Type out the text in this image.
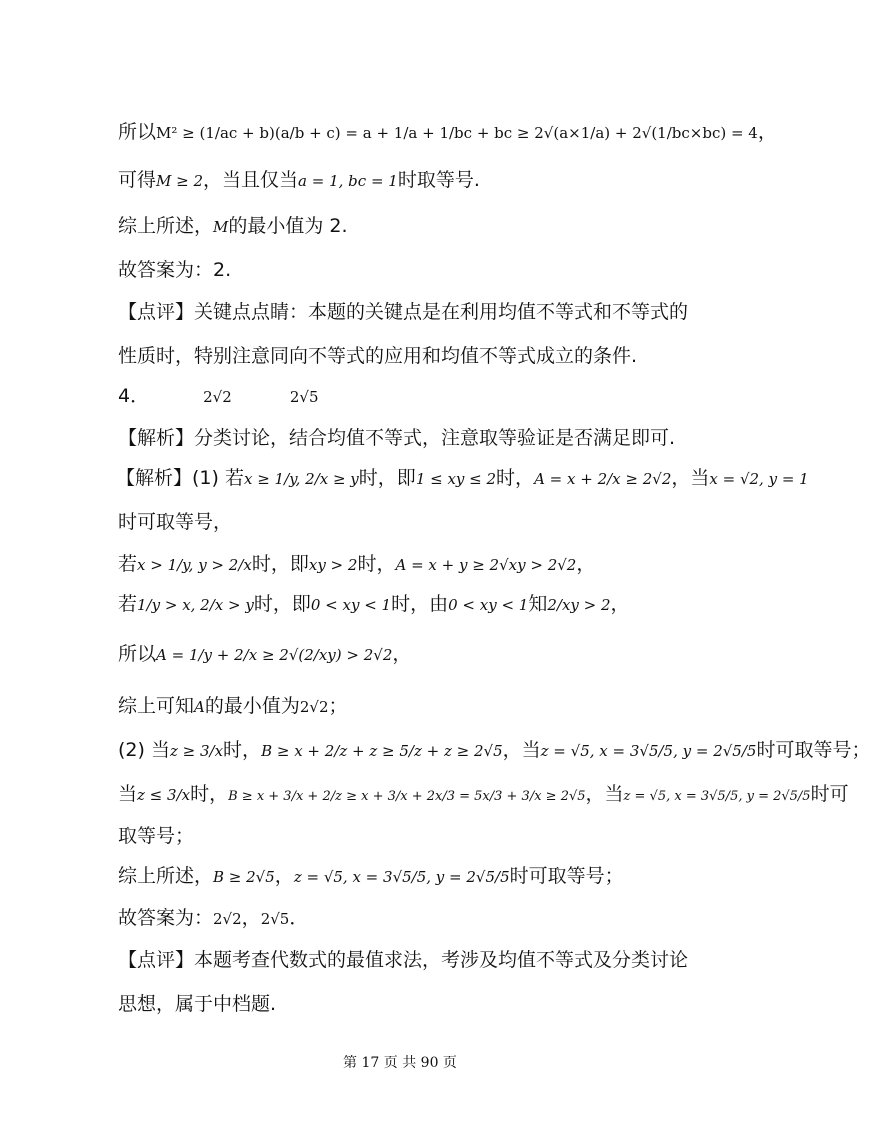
所以M² ≥ (1/ac + b)(a/b + c) = a + 1/a + 1/bc + bc ≥ 2√(a×1/a) + 2√(1/bc×bc) = 4，
可得M ≥ 2，当且仅当a = 1, bc = 1时取等号.
综上所述，M的最小值为 2.
故答案为：2.
【点评】关键点点睛：本题的关键点是在利用均值不等式和不等式的
性质时，特别注意同向不等式的应用和均值不等式成立的条件.
4．	2√2	2√5
【解析】分类讨论，结合均值不等式，注意取等验证是否满足即可.
【解析】(1) 若x ≥ 1/y, 2/x ≥ y时，即1 ≤ xy ≤ 2时，A = x + 2/x ≥ 2√2，当x = √2, y = 1
时可取等号，
若x > 1/y, y > 2/x时，即xy > 2时，A = x + y ≥ 2√xy > 2√2，
若1/y > x, 2/x > y时，即0 < xy < 1时，由0 < xy < 1知2/xy > 2，
所以A = 1/y + 2/x ≥ 2√(2/xy) > 2√2，
综上可知A的最小值为2√2；
(2) 当z ≥ 3/x时，B ≥ x + 2/z + z ≥ 5/z + z ≥ 2√5，当z = √5, x = 3√5/5, y = 2√5/5时可取等号；
当z ≤ 3/x时，B ≥ x + 3/x + 2/z ≥ x + 3/x + 2x/3 = 5x/3 + 3/x ≥ 2√5，当z = √5, x = 3√5/5, y = 2√5/5时可
取等号；
综上所述，B ≥ 2√5，z = √5, x = 3√5/5, y = 2√5/5时可取等号；
故答案为：2√2，2√5．
【点评】本题考查代数式的最值求法，考涉及均值不等式及分类讨论
思想，属于中档题.
第 17 页 共 90 页
